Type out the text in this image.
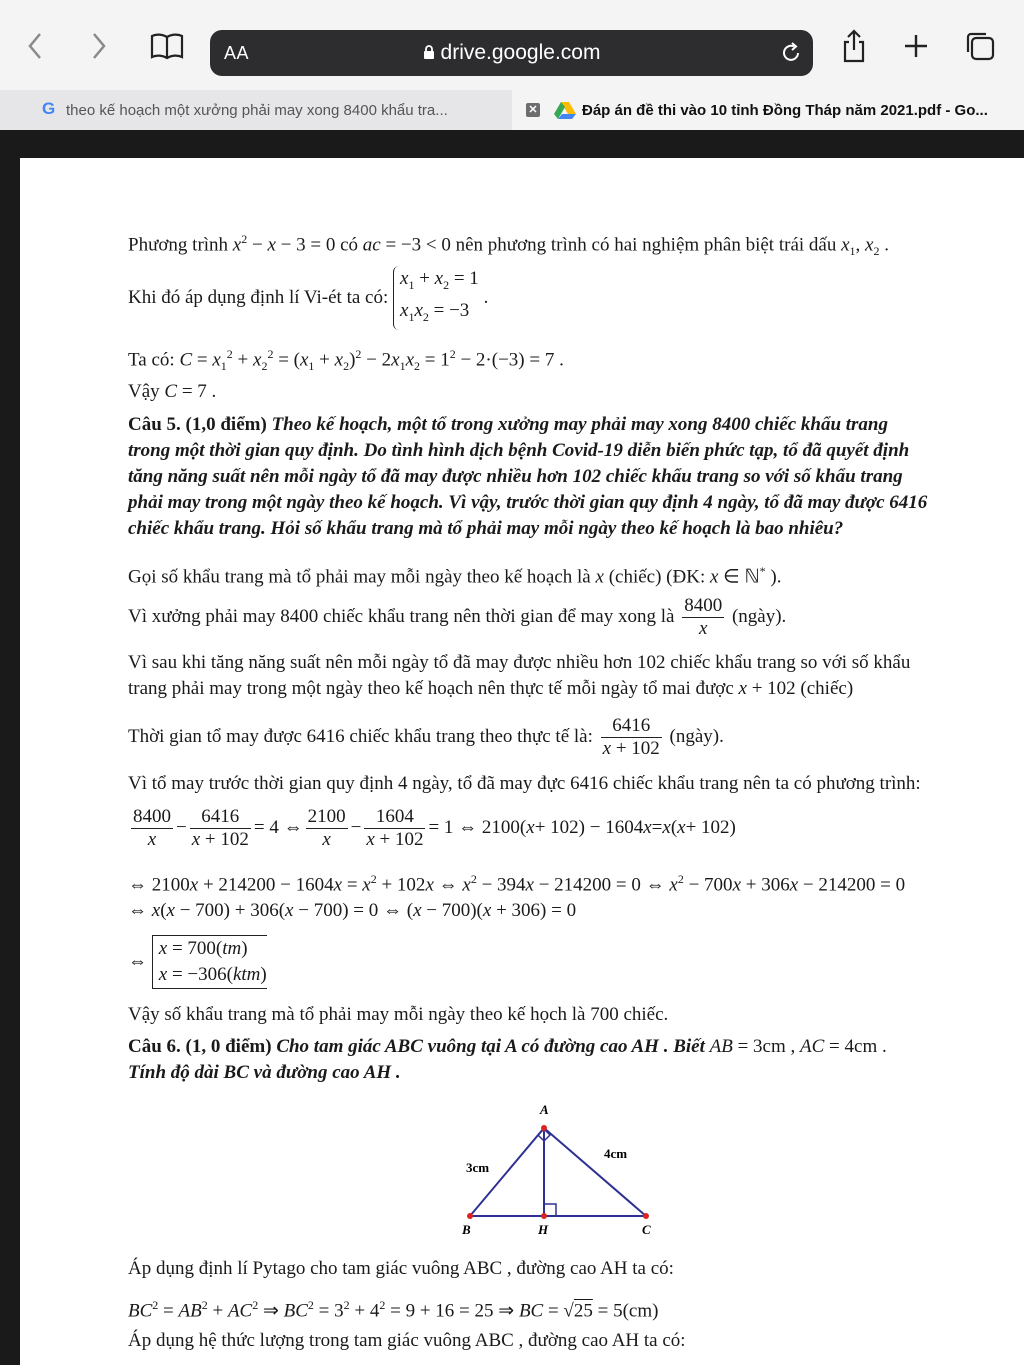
AA	drive.google.com
G theo kế hoạch một xưởng phải may xong 8400 khẩu tra...	✕	Đáp án đề thi vào 10 tỉnh Đồng Tháp năm 2021.pdf - Go...
Phương trình $x^2 - x - 3 = 0$ có ac = −3 < 0 nên phương trình có hai nghiệm phân biệt trái dấu $x_1$, $x_2$ .
Khi đó áp dụng định lí Vi-ét ta có:

$x_1 + x_2 = 1$
$x_1x_2 = -3$
.
Ta có: $C = x_1^2 + x_2^2 = (x_1 + x_2)^2 - 2x_1x_2 = 1^2 - 2\cdot(-3) = 7$ .
Vậy C = 7 .
Câu 5. (1,0 điểm) Theo kế hoạch, một tổ trong xưởng may phải may xong 8400 chiếc khẩu trang
trong một thời gian quy định. Do tình hình dịch bệnh Covid-19 diễn biến phức tạp, tổ đã quyết định
tăng năng suất nên mỗi ngày tổ đã may được nhiều hơn 102 chiếc khẩu trang so với số khẩu trang
phải may trong một ngày theo kế hoạch. Vì vậy, trước thời gian quy định 4 ngày, tổ đã may được 6416
chiếc khẩu trang. Hỏi số khẩu trang mà tổ phải may mỗi ngày theo kế hoạch là bao nhiêu?
Gọi số khẩu trang mà tổ phải may mỗi ngày theo kế hoạch là x (chiếc) (ĐK: x ∈ ℕ* ).
Vì xưởng phải may 8400 chiếc khẩu trang nên thời gian để may xong là
$\frac{8400}{x}$
(ngày).
Vì sau khi tăng năng suất nên mỗi ngày tổ đã may được nhiều hơn 102 chiếc khẩu trang so với số khẩu
trang phải may trong một ngày theo kế hoạch nên thực tế mỗi ngày tổ mai được x + 102 (chiếc)
Thời gian tổ may được 6416 chiếc khẩu trang theo thực tế là:
$\frac{6416}{x + 102}$
(ngày).
Vì tổ may trước thời gian quy định 4 ngày, tổ đã may đực 6416 chiếc khẩu trang nên ta có phương trình:
$\frac{8400}{x} - \frac{6416}{x + 102} = 4$ ⇔ $\frac{2100}{x} - \frac{1604}{x + 102} = 1$ ⇔ 2100( x + 102) − 1604 x = x ( x + 102)
⇔ $2100x + 214200 - 1604x = x^2 + 102x$ ⇔ $x^2 - 394x - 214200 = 0$ ⇔ $x^2 - 700x + 306x - 214200 = 0$
⇔ x(x − 700) + 306(x − 700) = 0 ⇔ (x − 700)(x + 306) = 0
⇔
x = 700(tm)
x = −306(ktm)
Vậy số khẩu trang mà tổ phải may mỗi ngày theo kế họch là 700 chiếc.
Câu 6. (1, 0 điểm) Cho tam giác ABC vuông tại A có đường cao AH . Biết AB = 3cm , AC = 4cm .
Tính độ dài BC và đường cao AH .
A
B	H	C
3cm
4cm
Áp dụng định lí Pytago cho tam giác vuông ABC , đường cao AH ta có:
$BC^2 = AB^2 + AC^2$ ⇒ $BC^2 = 3^2 + 4^2 = 9 + 16 = 25$ ⇒ BC = √25 = 5(cm)
Áp dụng hệ thức lượng trong tam giác vuông ABC , đường cao AH ta có:
